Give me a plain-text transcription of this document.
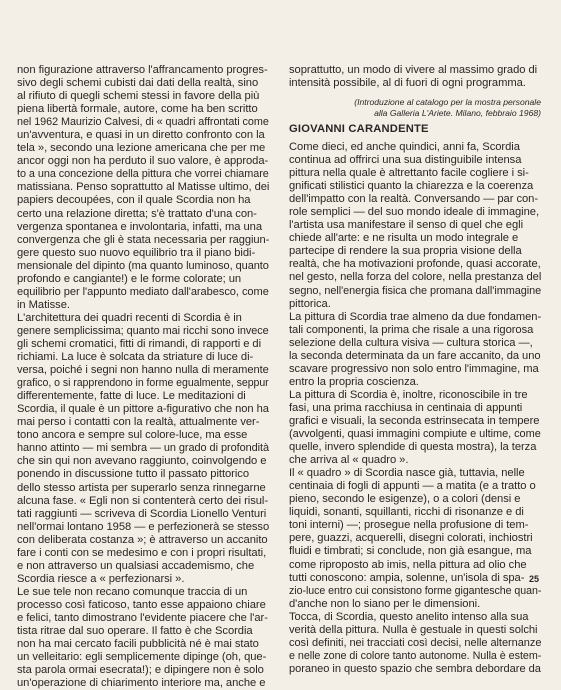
non figurazione attraverso l'affrancamento progres-
sivo degli schemi cubisti dai dati della realtà, sino
al rifiuto di quegli schemi stessi in favore della più
piena libertà formale, autore, come ha ben scritto
nel 1962 Maurizio Calvesi, di « quadri affrontati come
un'avventura, e quasi in un diretto confronto con la
tela », secondo una lezione americana che per me
ancor oggi non ha perduto il suo valore, è approda-
to a una concezione della pittura che vorrei chiamare
matissiana. Penso soprattutto al Matisse ultimo, dei
papiers decoupées, con il quale Scordia non ha
certo una relazione diretta; s'è trattato d'una con-
vergenza spontanea e involontaria, infatti, ma una
convergenza che gli è stata necessaria per raggiun-
gere questo suo nuovo equilibrio tra il piano bidi-
mensionale del dipinto (ma quanto luminoso, quanto
profondo e cangiante!) e le forme colorate; un
equilibrio per l'appunto mediato dall'arabesco, come
in Matisse.
L'architettura dei quadri recenti di Scordia è in
genere semplicissima; quanto mai ricchi sono invece
gli schemi cromatici, fitti di rimandi, di rapporti e di
richiami. La luce è solcata da striature di luce di-
versa, poiché i segni non hanno nulla di meramente
grafico, o si rapprendono in forme egualmente, seppur
differentemente, fatte di luce. Le meditazioni di
Scordia, il quale è un pittore a-figurativo che non ha
mai perso i contatti con la realtà, attualmente ver-
tono ancora e sempre sul colore-luce, ma esse
hanno attinto — mi sembra — un grado di profondità
che sin qui non avevano raggiunto, coinvolgendo e
ponendo in discussione tutto il passato pittorico
dello stesso artista per superarlo senza rinnegarne
alcuna fase. « Egli non si contenterà certo dei risul-
tati raggiunti — scriveva di Scordia Lionello Venturi
nell'ormai lontano 1958 — e perfezionerà se stesso
con deliberata costanza »; è attraverso un accanito
fare i conti con se medesimo e con i propri risultati,
e non attraverso un qualsiasi accademismo, che
Scordia riesce a « perfezionarsi ».
Le sue tele non recano comunque traccia di un
processo così faticoso, tanto esse appaiono chiare
e felici, tanto dimostrano l'evidente piacere che l'ar-
tista ritrae dal suo operare. Il fatto è che Scordia
non ha mai cercato facili pubblicità né è mai stato
un velleitario: egli semplicemente dipinge (oh, que-
sta parola ormai esecrata!); e dipingere non è solo
un'operazione di chiarimento interiore ma, anche e
soprattutto, un modo di vivere al massimo grado di
intensità possibile, al di fuori di ogni programma.
(Introduzione al catalogo per la mostra personale
alla Galleria L'Ariete. Milano, febbraio 1968)
GIOVANNI CARANDENTE
Come dieci, ed anche quindici, anni fa, Scordia
continua ad offrirci una sua distinguibile intensa
pittura nella quale è altrettanto facile cogliere i si-
gnificati stilistici quanto la chiarezza e la coerenza
dell'impatto con la realtà. Conversando — par con-
role semplici — del suo mondo ideale di immagine,
l'artista usa manifestare il senso di quel che egli
chiede all'arte: e ne risulta un modo integrale e
partecipe di rendere la sua propria visione della
realtà, che ha motivazioni profonde, quasi accorate,
nel gesto, nella forza del colore, nella prestanza del
segno, nell'energia fisica che promana dall'immagine
pittorica.
La pittura di Scordia trae almeno da due fondamen-
tali componenti, la prima che risale a una rigorosa
selezione della cultura visiva — cultura storica —,
la seconda determinata da un fare accanito, da uno
scavare progressivo non solo entro l'immagine, ma
entro la propria coscienza.
La pittura di Scordia è, inoltre, riconoscibile in tre
fasi, una prima racchiusa in centinaia di appunti
grafici e visuali, la seconda estrinsecata in tempere
(avvolgenti, quasi immagini compiute e ultime, come
quelle, invero splendide di questa mostra), la terza
che arriva al « quadro ».
Il « quadro » di Scordia nasce già, tuttavia, nelle
centinaia di fogli di appunti — a matita (e a tratto o
pieno, secondo le esigenze), o a colori (densi e
liquidi, sonanti, squillanti, ricchi di risonanze e di
toni interni) —; prosegue nella profusione di tem-
pere, guazzi, acquerelli, disegni colorati, inchiostri
fluidi e timbrati; si conclude, non già esangue, ma
come riproposto ab imis, nella pittura ad olio che
tutti conoscono: ampia, solenne, un'isola di spa-
zio-luce entro cui consistono forme gigantesche quan-
d'anche non lo siano per le dimensioni.
Tocca, di Scordia, questo anelito intenso alla sua
verità della pittura. Nulla è gestuale in questi solchi
così definiti, nei tracciati così decisi, nelle alternanze
e nelle zone di colore tanto autonome. Nulla è estem-
poraneo in questo spazio che sembra debordare da
25
